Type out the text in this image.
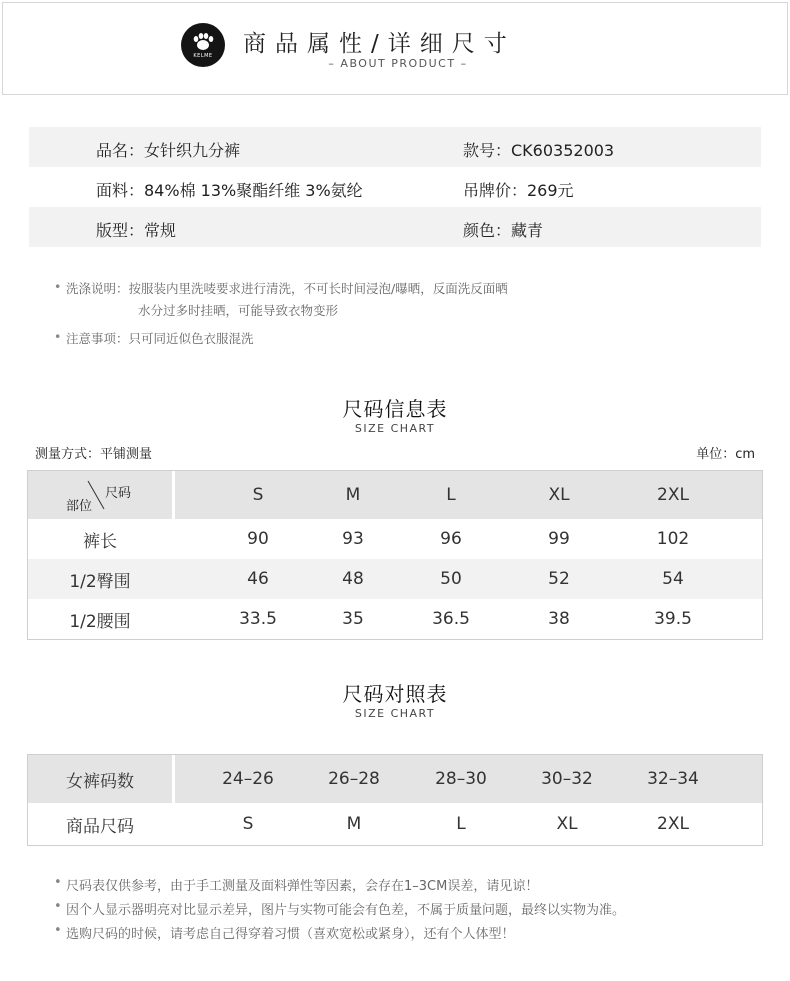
KELME	商品属性/详细尺寸
– ABOUT PRODUCT –
品名：女针织九分裤	款号：CK60352003
面料：84%棉 13%聚酯纤维 3%氨纶	吊牌价：269元
版型：常规	颜色：藏青
• 洗涤说明：按服装内里洗唛要求进行清洗，不可长时间浸泡/曝晒，反面洗反面晒
水分过多时挂晒，可能导致衣物变形
• 注意事项：只可同近似色衣服混洗
尺码信息表
SIZE CHART
测量方式：平铺测量	单位：cm
尺码
部位
S	M	L	XL	2XL
裤长	90	93	96	99	102
1/2臀围	46	48	50	52	54
1/2腰围	33.5	35	36.5	38	39.5
尺码对照表
SIZE CHART
女裤码数	24–26	26–28	28–30	30–32	32–34
商品尺码	S	M	L	XL	2XL
• 尺码表仅供参考，由于手工测量及面料弹性等因素，会存在1–3CM误差，请见谅！
• 因个人显示器明亮对比显示差异，图片与实物可能会有色差，不属于质量问题，最终以实物为准。
• 选购尺码的时候，请考虑自己得穿着习惯（喜欢宽松或紧身），还有个人体型！
